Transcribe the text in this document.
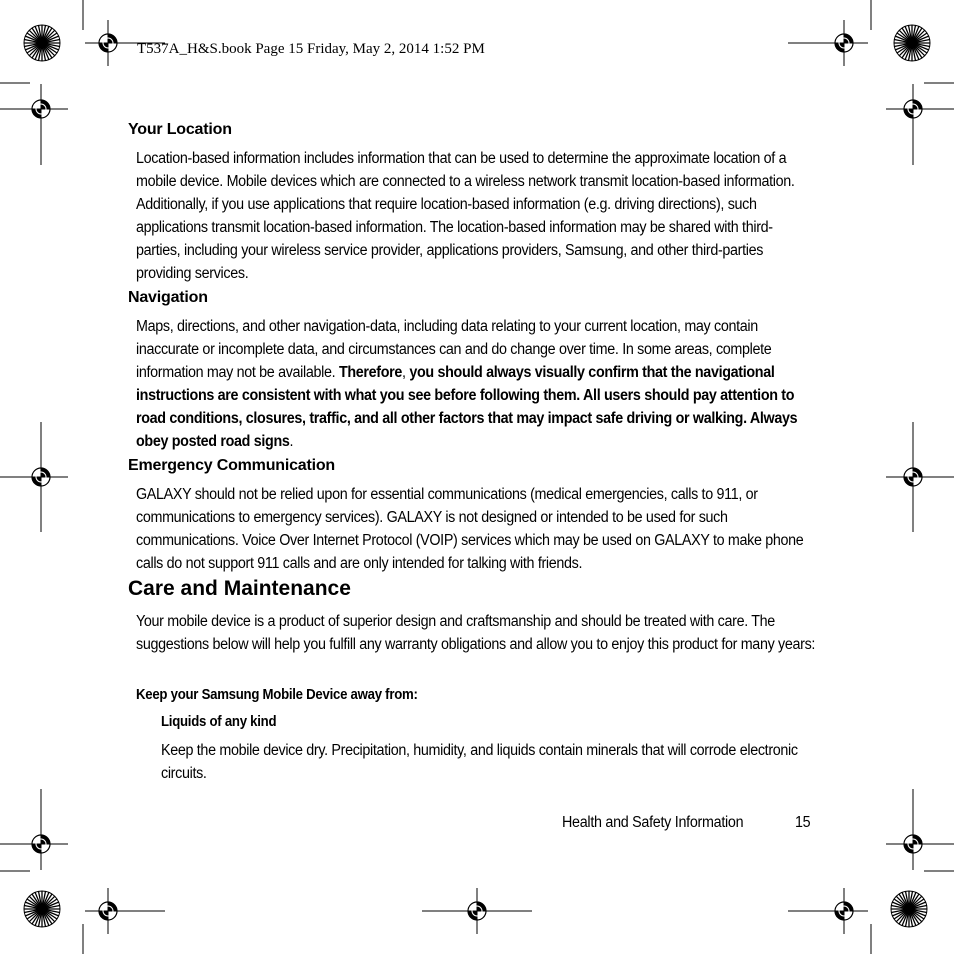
T537A_H&S.book Page 15 Friday, May 2, 2014 1:52 PM
Your Location
Location-based information includes information that can be used to determine the approximate location of a mobile device. Mobile devices which are connected to a wireless network transmit location-based information. Additionally, if you use applications that require location-based information (e.g. driving directions), such applications transmit location-based information. The location-based information may be shared with third-parties, including your wireless service provider, applications providers, Samsung, and other third-parties providing services.
Navigation
Maps, directions, and other navigation-data, including data relating to your current location, may contain inaccurate or incomplete data, and circumstances can and do change over time. In some areas, complete information may not be available. Therefore, you should always visually confirm that the navigational instructions are consistent with what you see before following them. All users should pay attention to road conditions, closures, traffic, and all other factors that may impact safe driving or walking. Always obey posted road signs.
Emergency Communication
GALAXY should not be relied upon for essential communications (medical emergencies, calls to 911, or communications to emergency services). GALAXY is not designed or intended to be used for such communications. Voice Over Internet Protocol (VOIP) services which may be used on GALAXY to make phone calls do not support 911 calls and are only intended for talking with friends.
Care and Maintenance
Your mobile device is a product of superior design and craftsmanship and should be treated with care. The suggestions below will help you fulfill any warranty obligations and allow you to enjoy this product for many years:
Keep your Samsung Mobile Device away from:
Liquids of any kind
Keep the mobile device dry. Precipitation, humidity, and liquids contain minerals that will corrode electronic circuits.
Health and Safety Information	15
